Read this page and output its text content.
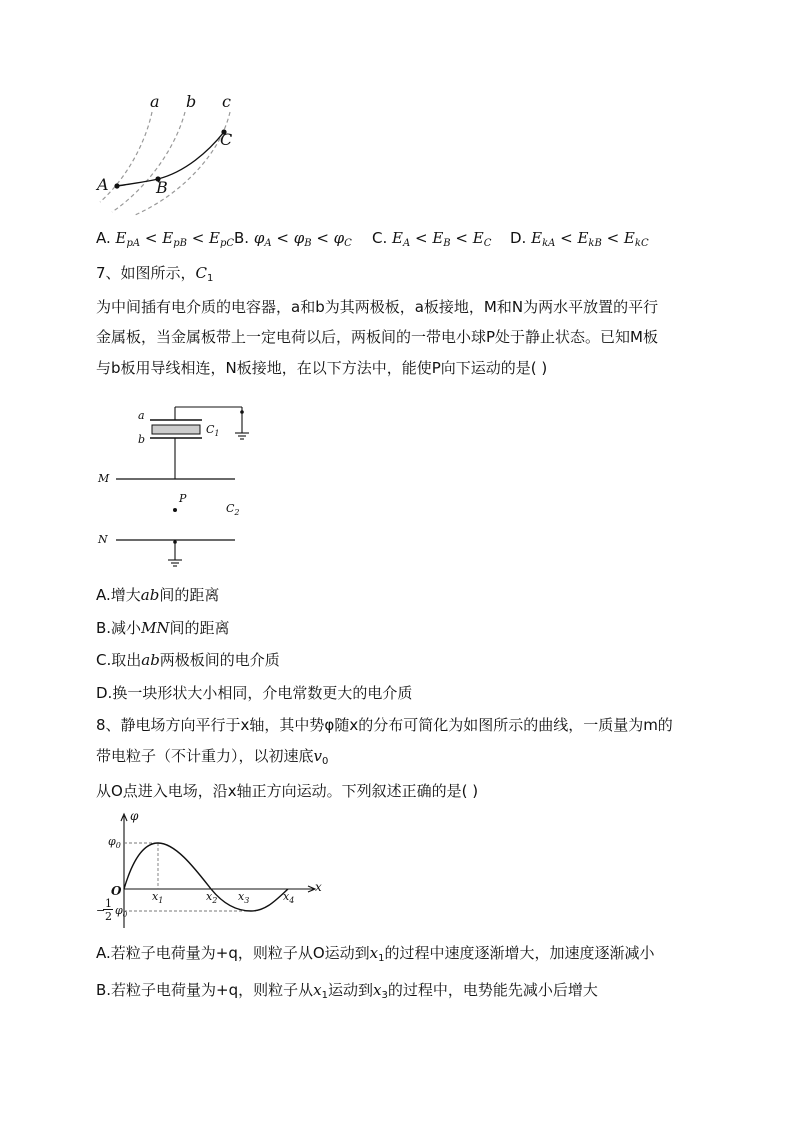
a b c
A	B
C
A. $E_{pA} < E_{pB} < E_{pC}$ B. $\varphi_A < \varphi_B < \varphi_C$ C. $E_A < E_B < E_C$ D. $E_{kA} < E_{kB} < E_{kC}$
7、如图所示，$C_1$
为中间插有电介质的电容器，a和b为其两极板，a板接地，M和N为两水平放置的平行
金属板，当金属板带上一定电荷以后，两板间的一带电小球P处于静止状态。已知M板
与b板用导线相连，N板接地，在以下方法中，能使P向下运动的是( )
a
b
$C_1$
M
P
$C_2$
N
A.增大ab间的距离
B.减小MN间的距离
C.取出ab两极板间的电介质
D.换一块形状大小相同，介电常数更大的电介质
8、静电场方向平行于x轴，其中势φ随x的分布可简化为如图所示的曲线，一质量为m的
带电粒子（不计重力），以初速底$v_0$
从O点进入电场，沿x轴正方向运动。下列叙述正确的是( )
φ
$\varphi_0$
O	x
$x_1$	$x_2$ $x_3$	$x_4$
−
1
2 $\varphi_0$
A.若粒子电荷量为+q，则粒子从O运动到$x_1$的过程中速度逐渐增大，加速度逐渐减小
B.若粒子电荷量为+q，则粒子从$x_1$运动到$x_3$的过程中，电势能先减小后增大
